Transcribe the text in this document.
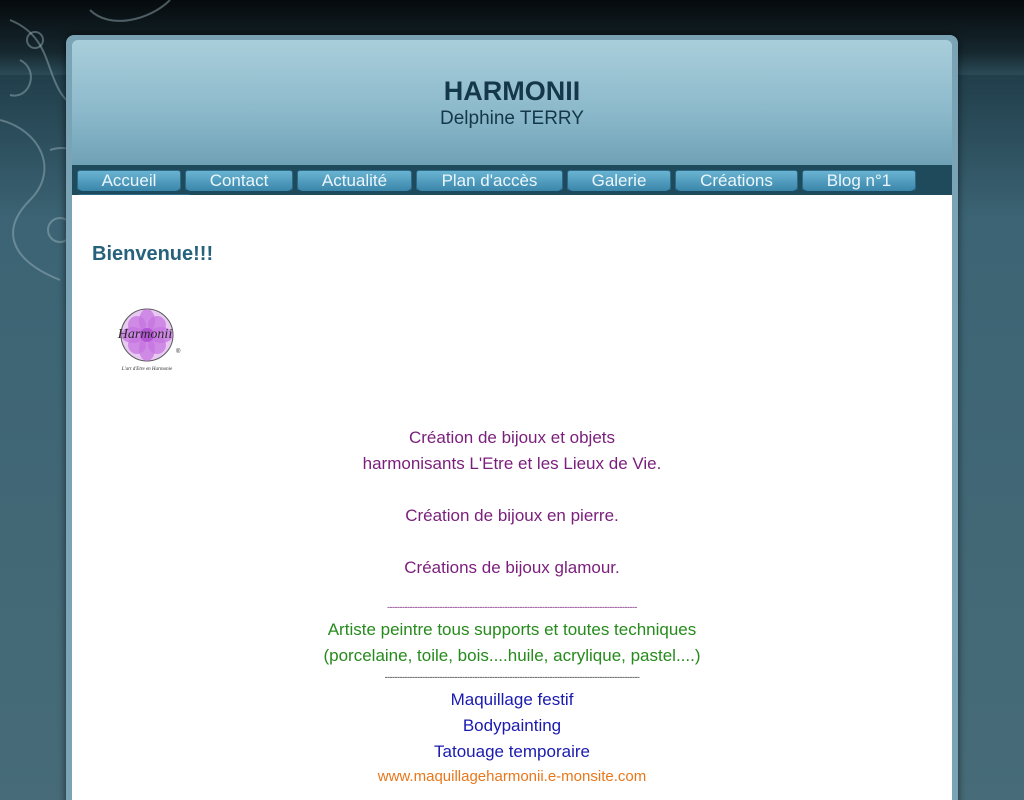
HARMONII

Delphine TERRY

Accueil	Contact	Actualité	Plan d'accès	Galerie	Créations	Blog n°1
Bienvenue!!!
Harmonii
®
L'art d'Etre en Harmonie

Création de bijoux et objets

harmonisants L'Etre et les Lieux de Vie.

Création de bijoux en pierre.

Créations de bijoux glamour.

----------------------------------------------------------------------------------------------------

Artiste peintre tous supports et toutes techniques

(porcelaine, toile, bois....huile, acrylique, pastel....)

------------------------------------------------------------------------------------------------------

Maquillage festif

Bodypainting

Tatouage temporaire

www.maquillageharmonii.e-monsite.com
